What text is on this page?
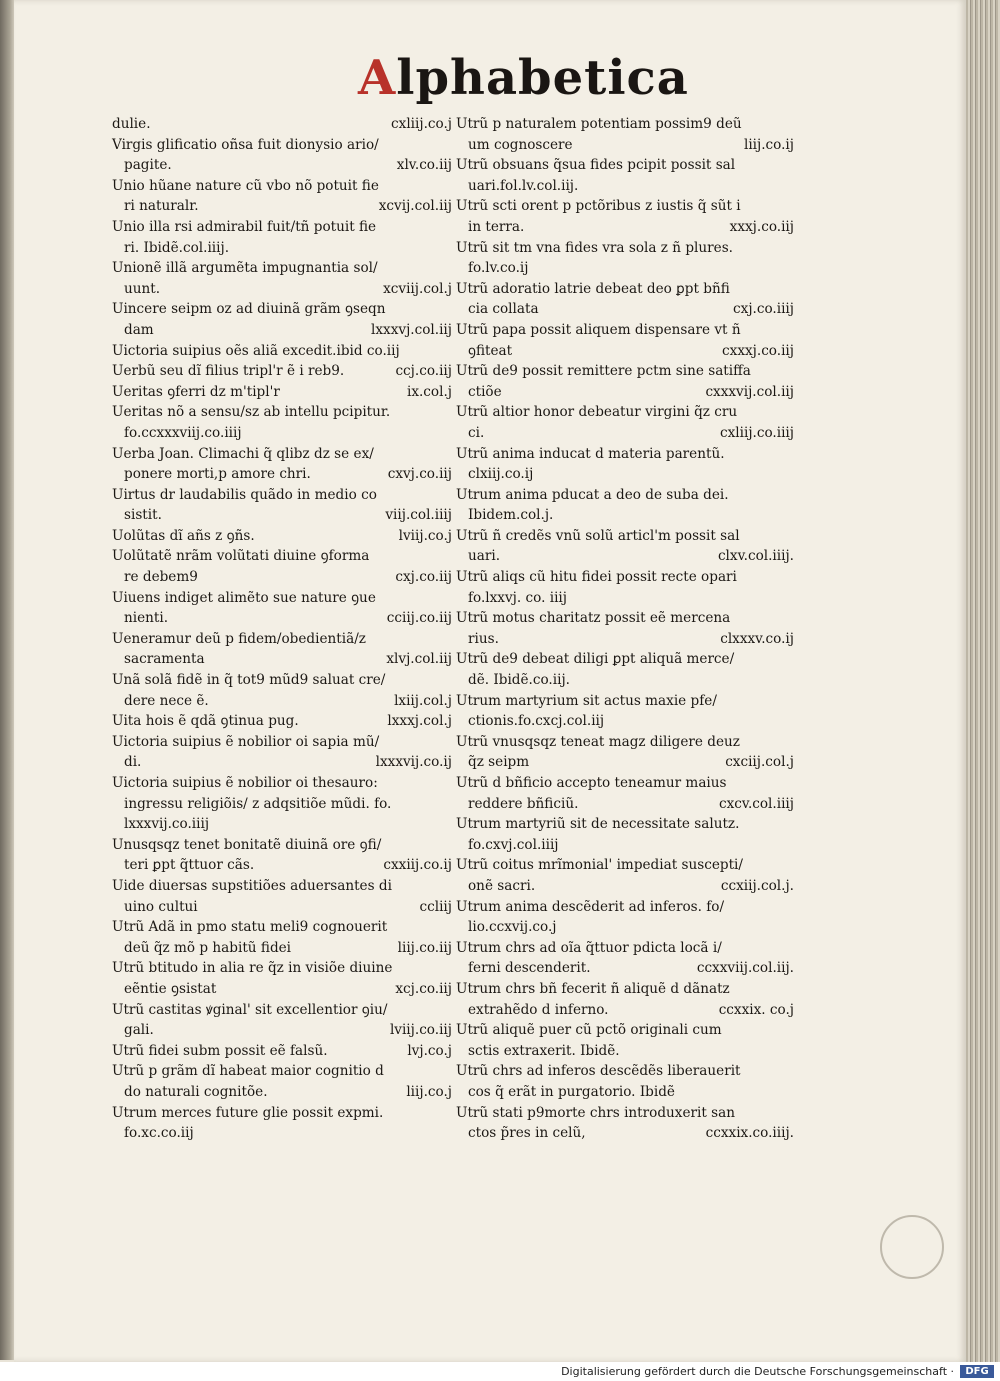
Alphabetica
dulie.	cxliij.co.j
Virgis glificatio oñsa fuit dionysio ario/
pagite.	xlv.co.iij
Unio hũane nature cũ vbo nõ potuit fie
ri naturalr.	xcvij.col.iij
Unio illa rsi admirabil fuit/tñ potuit fie
ri. Ibidẽ.col.iiij.
Unionẽ illã argumẽta impugnantia sol/
uunt.	xcviij.col.j
Uincere seipm oz ad diuinã grãm ꝯseqn
dam	lxxxvj.col.iij
Uictoria suipius oẽs aliã excedit.ibid co.iij
Uerbũ seu dĩ filius tripl'r ẽ i reb9.	ccj.co.iij
Ueritas ꝯferri dz m'tipl'r	ix.col.j
Ueritas nõ a sensu/sz ab intellu pcipitur.
fo.ccxxxviij.co.iiij
Uerba Joan. Climachi q̃ qlibz dz se ex/
ponere morti,p amore chri.	cxvj.co.iij
Uirtus dr laudabilis quãdo in medio co
sistit.	viij.col.iiij
Uolũtas dĩ añs z ꝯñs.	lviij.co.j
Uolũtatẽ nrãm volũtati diuine ꝯforma
re debem9	cxj.co.iij
Uiuens indiget alimẽto sue nature ꝯue
nienti.	cciij.co.iij
Ueneramur deũ p fidem/obedientiã/z
sacramenta	xlvj.col.iij
Unã solã fidẽ in q̃ tot9 mũd9 saluat cre/
dere nece ẽ.	lxiij.col.j
Uita hois ẽ qdã ꝯtinua pug.	lxxxj.col.j
Uictoria suipius ẽ nobilior oi sapia mũ/
di.	lxxxvij.co.ij
Uictoria suipius ẽ nobilior oi thesauro:
ingressu religiõis/ z adqsitiõe mũdi. fo.
lxxxvij.co.iiij
Unusqsqz tenet bonitatẽ diuinã ore ꝯfi/
teri ꝑpt q̃ttuor cãs.	cxxiij.co.ij
Uide diuersas supstitiões aduersantes di
uino cultui	ccliij
Utrũ Adã in pmo statu meli9 cognouerit
deũ q̃z mõ p habitũ fidei	liij.co.iij
Utrũ btitudo in alia re q̃z in visiõe diuine
eẽntie ꝯsistat	xcj.co.iij
Utrũ castitas ꝟginal' sit excellentior ꝯiu/
gali.	lviij.co.iij
Utrũ fidei subm possit eẽ falsũ.	lvj.co.j
Utrũ p grãm dĩ habeat maior cognitio d
do naturali cognitõe.	liij.co.j
Utrum merces future glie possit expmi.
fo.xc.co.iij
Utrũ p naturalem potentiam possim9 deũ
um cognoscere	liij.co.ij
Utrũ obsuans q̃sua fides pcipit possit sal
uari.fol.lv.col.iij.
Utrũ scti orent p pctõribus z iustis q̃ sũt i
in terra.	xxxj.co.iij
Utrũ sit tm vna fides vra sola z ñ plures.
fo.lv.co.ij
Utrũ adoratio latrie debeat deo ꝑpt bñfi
cia collata	cxj.co.iiij
Utrũ papa possit aliquem dispensare vt ñ
ꝯfiteat	cxxxj.co.iij
Utrũ de9 possit remittere pctm sine satiffa
ctiõe	cxxxvij.col.iij
Utrũ altior honor debeatur virgini q̃z cru
ci.	cxliij.co.iiij
Utrũ anima inducat d materia parentũ.
clxiij.co.ij
Utrum anima pducat a deo de suba dei.
Ibidem.col.j.
Utrũ ñ credẽs vnũ solũ articl'm possit sal
uari.	clxv.col.iiij.
Utrũ aliqs cũ hitu fidei possit recte opari
fo.lxxvj. co. iiij
Utrũ motus charitatz possit eẽ mercena
rius.	clxxxv.co.ij
Utrũ de9 debeat diligi ꝑpt aliquã merce/
dẽ. Ibidẽ.co.iij.
Utrum martyrium sit actus maxie pfe/
ctionis.fo.cxcj.col.iij
Utrũ vnusqsqz teneat magz diligere deuz
q̃z seipm	cxciij.col.j
Utrũ d bñficio accepto teneamur maius
reddere bñficiũ.	cxcv.col.iiij
Utrum martyriũ sit de necessitate salutz.
fo.cxvj.col.iiij
Utrũ coitus mrĩmonial' impediat suscepti/
onẽ sacri.	ccxiij.col.j.
Utrum anima descẽderit ad inferos. fo/
lio.ccxvij.co.j
Utrum chrs ad oĩa q̃ttuor pdicta locã i/
ferni descenderit.	ccxxviij.col.iij.
Utrum chrs bñ fecerit ñ aliquẽ d dãnatz
extrahẽdo d inferno.	ccxxix. co.j
Utrũ aliquẽ puer cũ pctõ originali cum
sctis extraxerit. Ibidẽ.
Utrũ chrs ad inferos descẽdẽs liberauerit
cos q̃ erãt in purgatorio. Ibidẽ
Utrũ stati p9morte chrs introduxerit san
ctos p̃res in celũ,	ccxxix.co.iiij.
Digitalisierung gefördert durch die Deutsche Forschungsgemeinschaft ·	DFG
